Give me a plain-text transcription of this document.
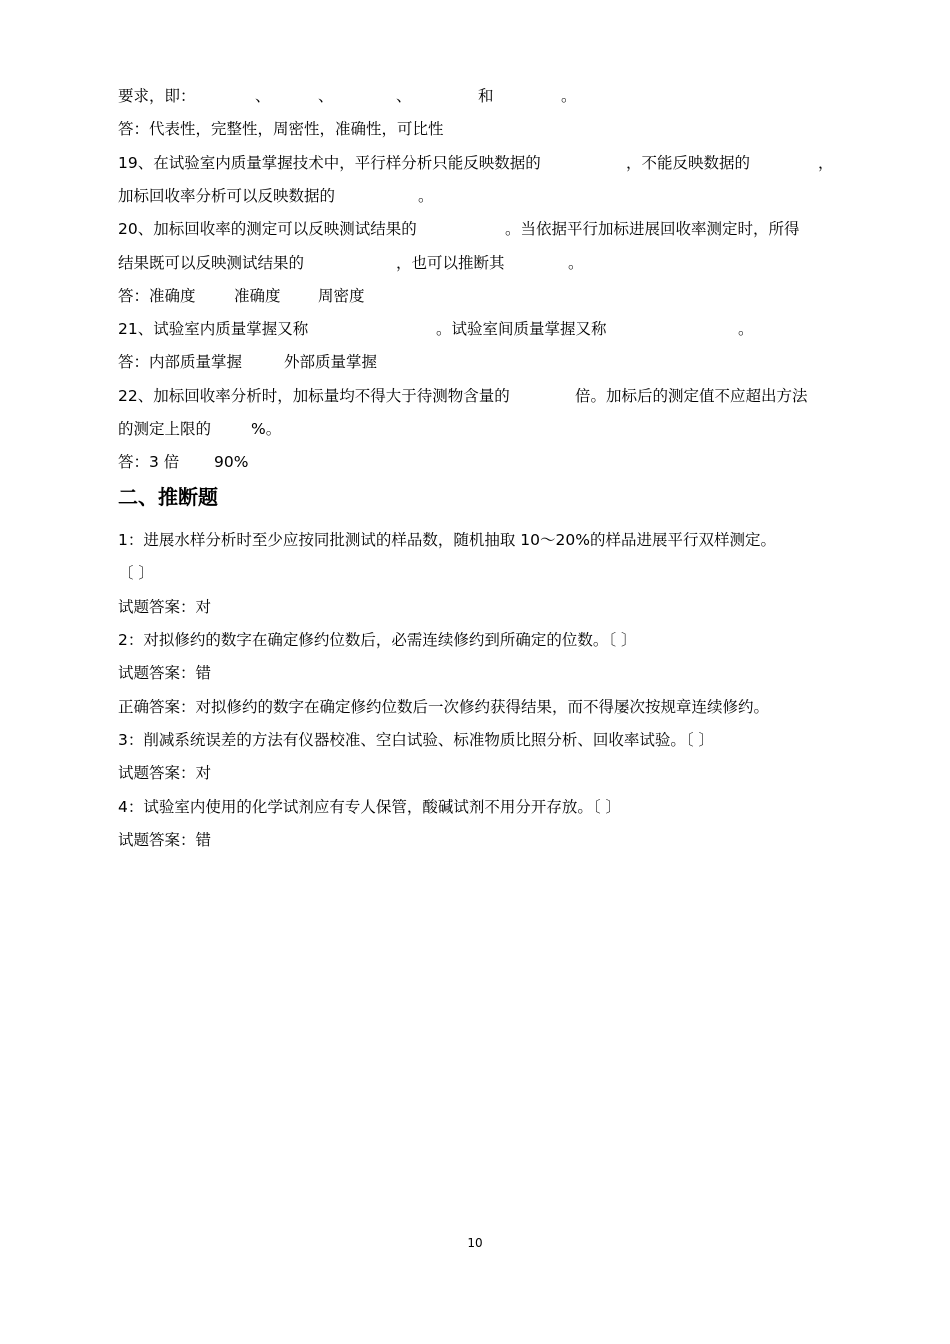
要求，即：	、	、	、	和	。
答：代表性，完整性，周密性，准确性，可比性
19、在试验室内质量掌握技术中，平行样分析只能反映数据的	，不能反映数据的	，
加标回收率分析可以反映数据的	。
20、加标回收率的测定可以反映测试结果的	。当依据平行加标进展回收率测定时，所得
结果既可以反映测试结果的	，也可以推断其	。
答：准确度 准确度 周密度
21、试验室内质量掌握又称	。试验室间质量掌握又称	。
答：内部质量掌握	外部质量掌握
22、加标回收率分析时，加标量均不得大于待测物含量的	倍。加标后的测定值不应超出方法
的测定上限的	%。
答：3 倍 90%
二、推断题
1：进展水样分析时至少应按同批测试的样品数，随机抽取 10～20%的样品进展平行双样测定。
〔 〕
试题答案：对
2：对拟修约的数字在确定修约位数后，必需连续修约到所确定的位数。〔 〕
试题答案：错
正确答案：对拟修约的数字在确定修约位数后一次修约获得结果，而不得屡次按规章连续修约。
3：削减系统误差的方法有仪器校准、空白试验、标准物质比照分析、回收率试验。〔 〕
试题答案：对
4：试验室内使用的化学试剂应有专人保管，酸碱试剂不用分开存放。〔 〕
试题答案：错
10
